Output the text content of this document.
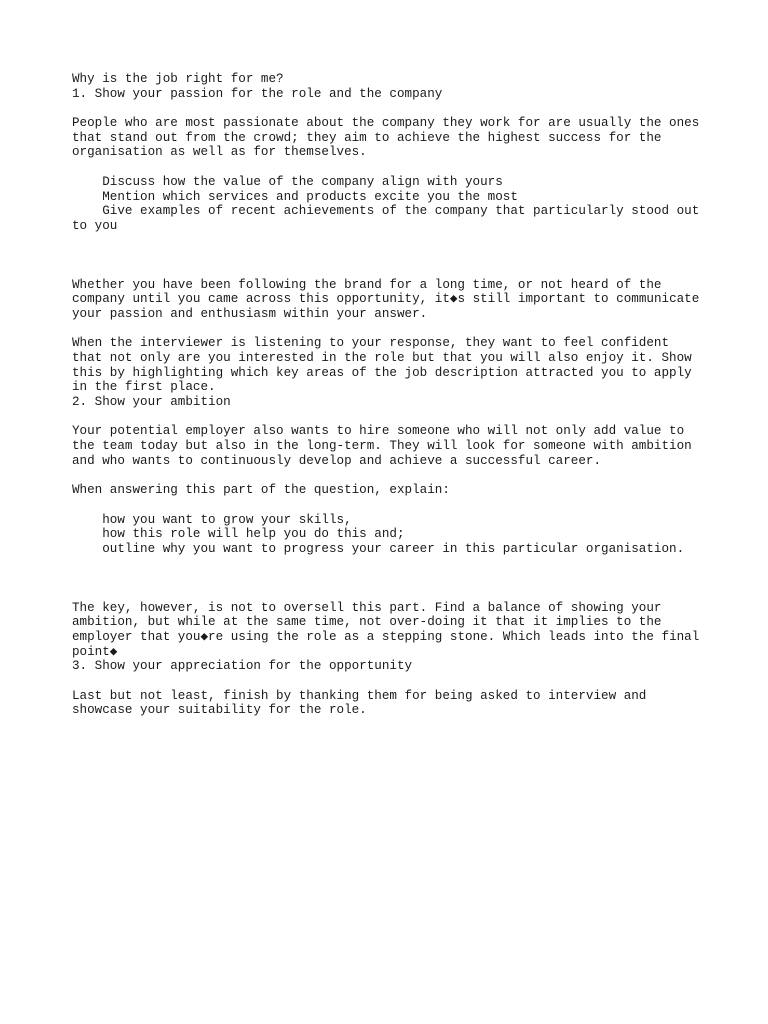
Why is the job right for me?
1. Show your passion for the role and the company
People who are most passionate about the company they work for are usually the ones
that stand out from the crowd; they aim to achieve the highest success for the
organisation as well as for themselves.
Discuss how the value of the company align with yours
Mention which services and products excite you the most
Give examples of recent achievements of the company that particularly stood out
to you
Whether you have been following the brand for a long time, or not heard of the
company until you came across this opportunity, it◆s still important to communicate
your passion and enthusiasm within your answer.
When the interviewer is listening to your response, they want to feel confident
that not only are you interested in the role but that you will also enjoy it. Show
this by highlighting which key areas of the job description attracted you to apply
in the first place.
2. Show your ambition
Your potential employer also wants to hire someone who will not only add value to
the team today but also in the long-term. They will look for someone with ambition
and who wants to continuously develop and achieve a successful career.
When answering this part of the question, explain:
how you want to grow your skills,
how this role will help you do this and;
outline why you want to progress your career in this particular organisation.
The key, however, is not to oversell this part. Find a balance of showing your
ambition, but while at the same time, not over-doing it that it implies to the
employer that you◆re using the role as a stepping stone. Which leads into the final
point◆
3. Show your appreciation for the opportunity
Last but not least, finish by thanking them for being asked to interview and
showcase your suitability for the role.
